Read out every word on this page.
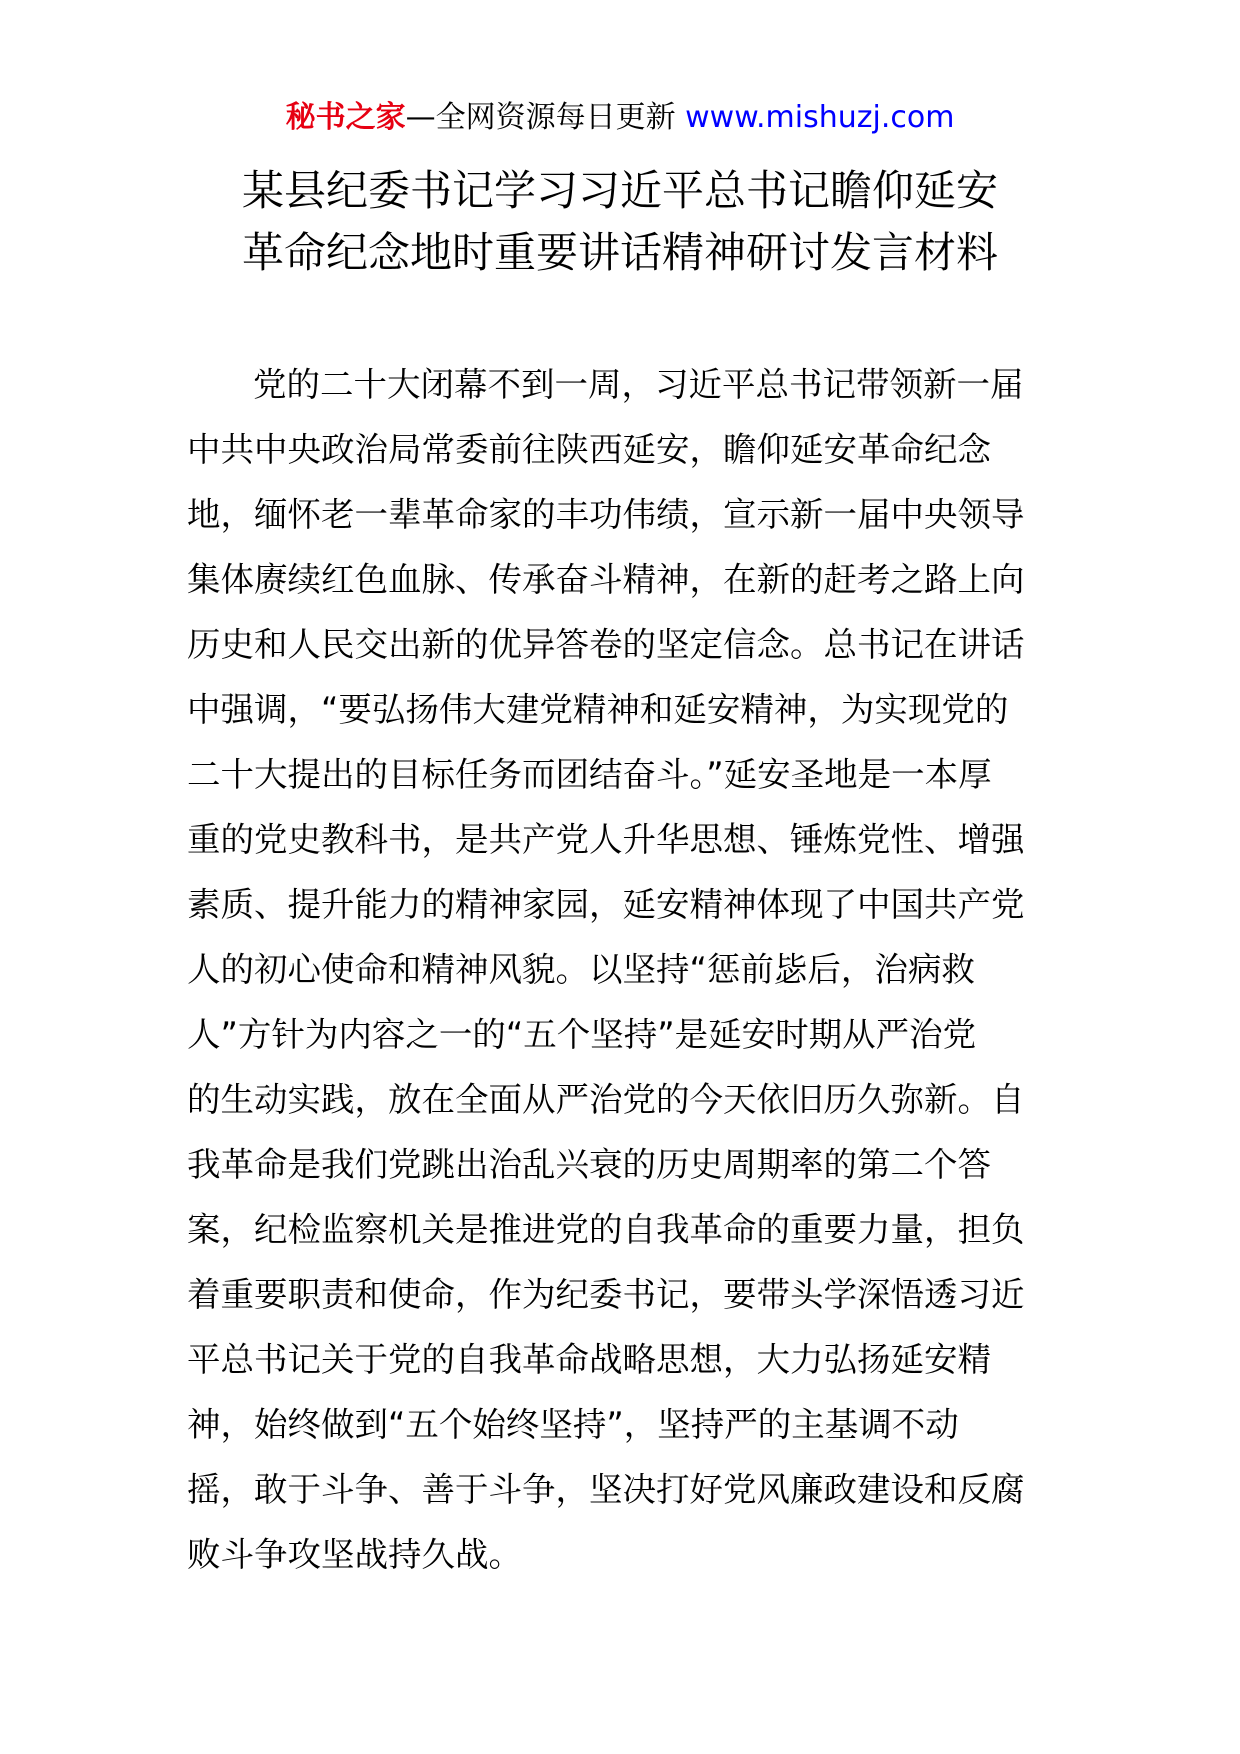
秘书之家—全网资源每日更新 www.mishuzj.com
某县纪委书记学习习近平总书记瞻仰延安
革命纪念地时重要讲话精神研讨发言材料
党的二十大闭幕不到一周，习近平总书记带领新一届
中共中央政治局常委前往陕西延安，瞻仰延安革命纪念
地，缅怀老一辈革命家的丰功伟绩，宣示新一届中央领导
集体赓续红色血脉、传承奋斗精神，在新的赶考之路上向
历史和人民交出新的优异答卷的坚定信念。总书记在讲话
中强调，“要弘扬伟大建党精神和延安精神，为实现党的
二十大提出的目标任务而团结奋斗。”延安圣地是一本厚
重的党史教科书，是共产党人升华思想、锤炼党性、增强
素质、提升能力的精神家园，延安精神体现了中国共产党
人的初心使命和精神风貌。以坚持“惩前毖后，治病救
人”方针为内容之一的“五个坚持”是延安时期从严治党
的生动实践，放在全面从严治党的今天依旧历久弥新。自
我革命是我们党跳出治乱兴衰的历史周期率的第二个答
案，纪检监察机关是推进党的自我革命的重要力量，担负
着重要职责和使命，作为纪委书记，要带头学深悟透习近
平总书记关于党的自我革命战略思想，大力弘扬延安精
神，始终做到“五个始终坚持”，坚持严的主基调不动
摇，敢于斗争、善于斗争，坚决打好党风廉政建设和反腐
败斗争攻坚战持久战。
